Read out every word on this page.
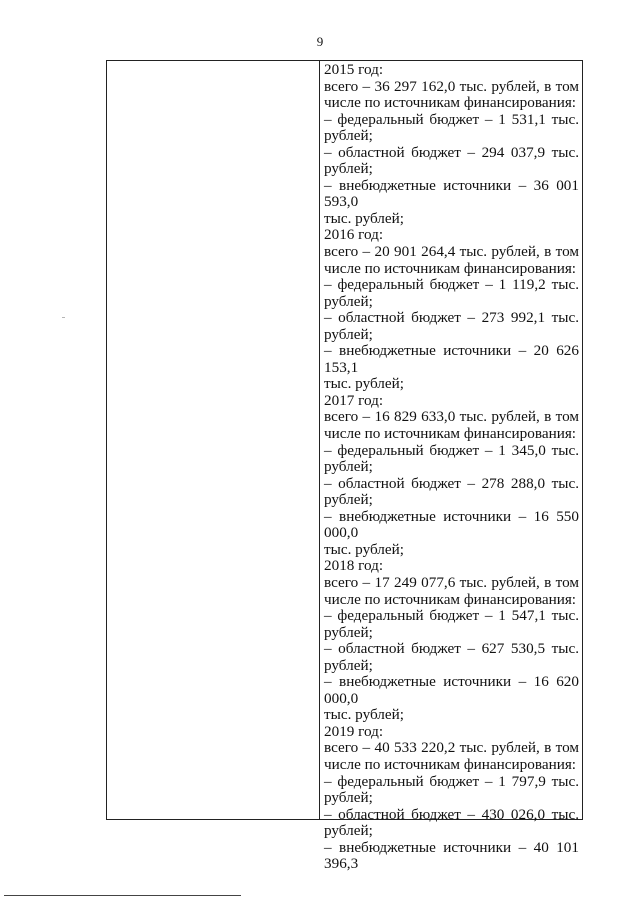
9
2015 год:
всего – 36 297 162,0 тыс. рублей, в том
числе по источникам финансирования:
– федеральный бюджет – 1 531,1 тыс.
рублей;
– областной бюджет – 294 037,9 тыс.
рублей;
– внебюджетные источники – 36 001 593,0
тыс. рублей;
2016 год:
всего – 20 901 264,4 тыс. рублей, в том
числе по источникам финансирования:
– федеральный бюджет – 1 119,2 тыс.
рублей;
– областной бюджет – 273 992,1 тыс.
рублей;
– внебюджетные источники – 20 626 153,1
тыс. рублей;
2017 год:
всего – 16 829 633,0 тыс. рублей, в том
числе по источникам финансирования:
– федеральный бюджет – 1 345,0 тыс.
рублей;
– областной бюджет – 278 288,0 тыс.
рублей;
– внебюджетные источники – 16 550 000,0
тыс. рублей;
2018 год:
всего – 17 249 077,6 тыс. рублей, в том
числе по источникам финансирования:
– федеральный бюджет – 1 547,1 тыс.
рублей;
– областной бюджет – 627 530,5 тыс.
рублей;
– внебюджетные источники – 16 620 000,0
тыс. рублей;
2019 год:
всего – 40 533 220,2 тыс. рублей, в том
числе по источникам финансирования:
– федеральный бюджет – 1 797,9 тыс.
рублей;
– областной бюджет – 430 026,0 тыс.
рублей;
– внебюджетные источники – 40 101 396,3
